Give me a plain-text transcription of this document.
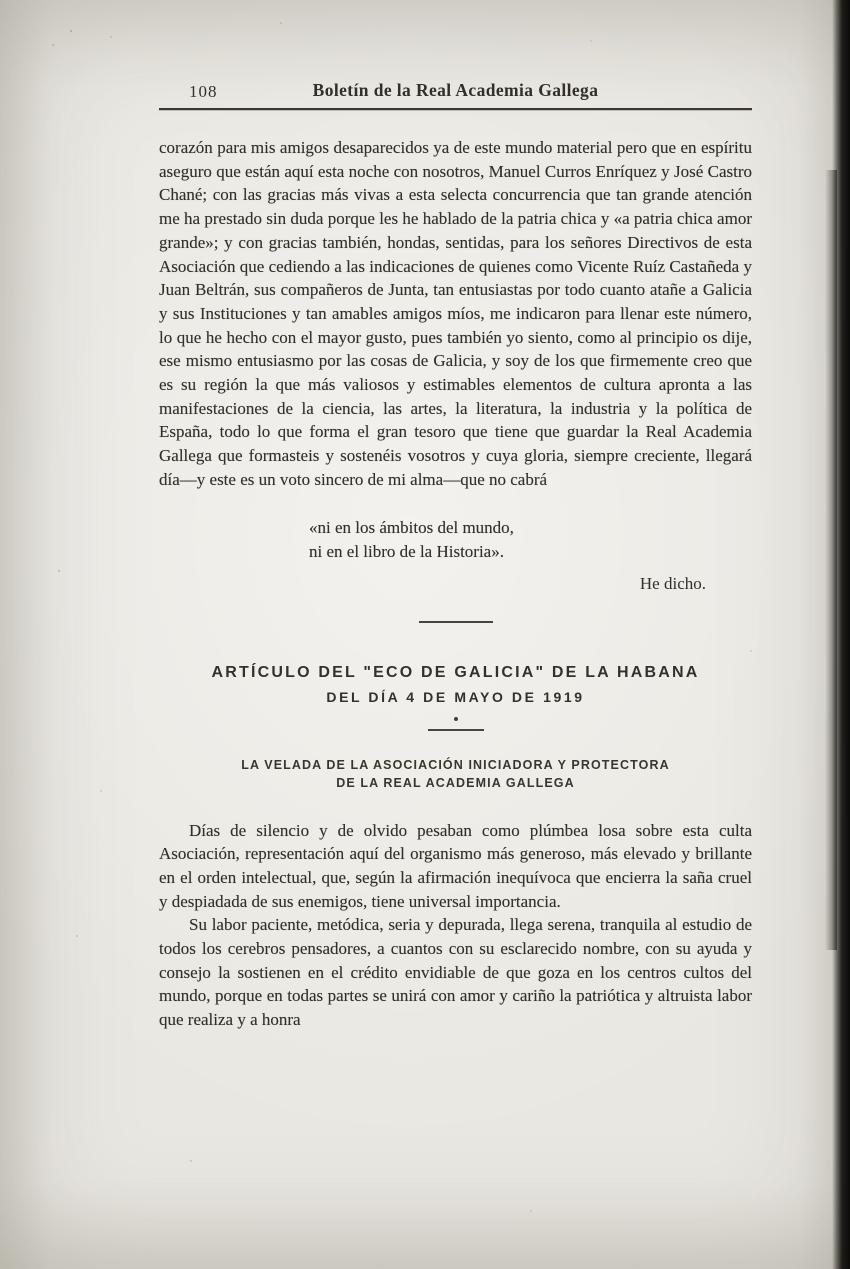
108	Boletín de la Real Academia Gallega

corazón para mis amigos desaparecidos ya de este mundo material pero que en espíritu aseguro que están aquí esta noche con nosotros, Manuel Curros Enríquez y José Castro Chané; con las gracias más vivas a esta selecta concurrencia que tan grande atención me ha prestado sin duda porque les he hablado de la patria chica y «a patria chica amor grande»; y con gracias también, hondas, sentidas, para los señores Directivos de esta Asociación que cediendo a las indicaciones de quienes como Vicente Ruíz Castañeda y Juan Beltrán, sus compañeros de Junta, tan entusiastas por todo cuanto atañe a Galicia y sus Instituciones y tan amables amigos míos, me indicaron para llenar este número, lo que he hecho con el mayor gusto, pues también yo siento, como al principio os dije, ese mismo entusiasmo por las cosas de Galicia, y soy de los que firmemente creo que es su región la que más valiosos y estimables elementos de cultura apronta a las manifestaciones de la ciencia, las artes, la literatura, la industria y la política de España, todo lo que forma el gran tesoro que tiene que guardar la Real Academia Gallega que formasteis y sostenéis vosotros y cuya gloria, siempre creciente, llegará día—y este es un voto sincero de mi alma—que no cabrá

«ni en los ámbitos del mundo,
ni en el libro de la Historia».
He dicho.
ARTÍCULO DEL "ECO DE GALICIA" DE LA HABANA
DEL DÍA 4 DE MAYO DE 1919
LA VELADA DE LA ASOCIACIÓN INICIADORA Y PROTECTORA
DE LA REAL ACADEMIA GALLEGA

Días de silencio y de olvido pesaban como plúmbea losa sobre esta culta Asociación, representación aquí del organismo más generoso, más elevado y brillante en el orden intelectual, que, según la afirmación inequívoca que encierra la saña cruel y despiadada de sus enemigos, tiene universal importancia.

Su labor paciente, metódica, seria y depurada, llega serena, tranquila al estudio de todos los cerebros pensadores, a cuantos con su esclarecido nombre, con su ayuda y consejo la sostienen en el crédito envidiable de que goza en los centros cultos del mundo, porque en todas partes se unirá con amor y cariño la patriótica y altruista labor que realiza y a honra
